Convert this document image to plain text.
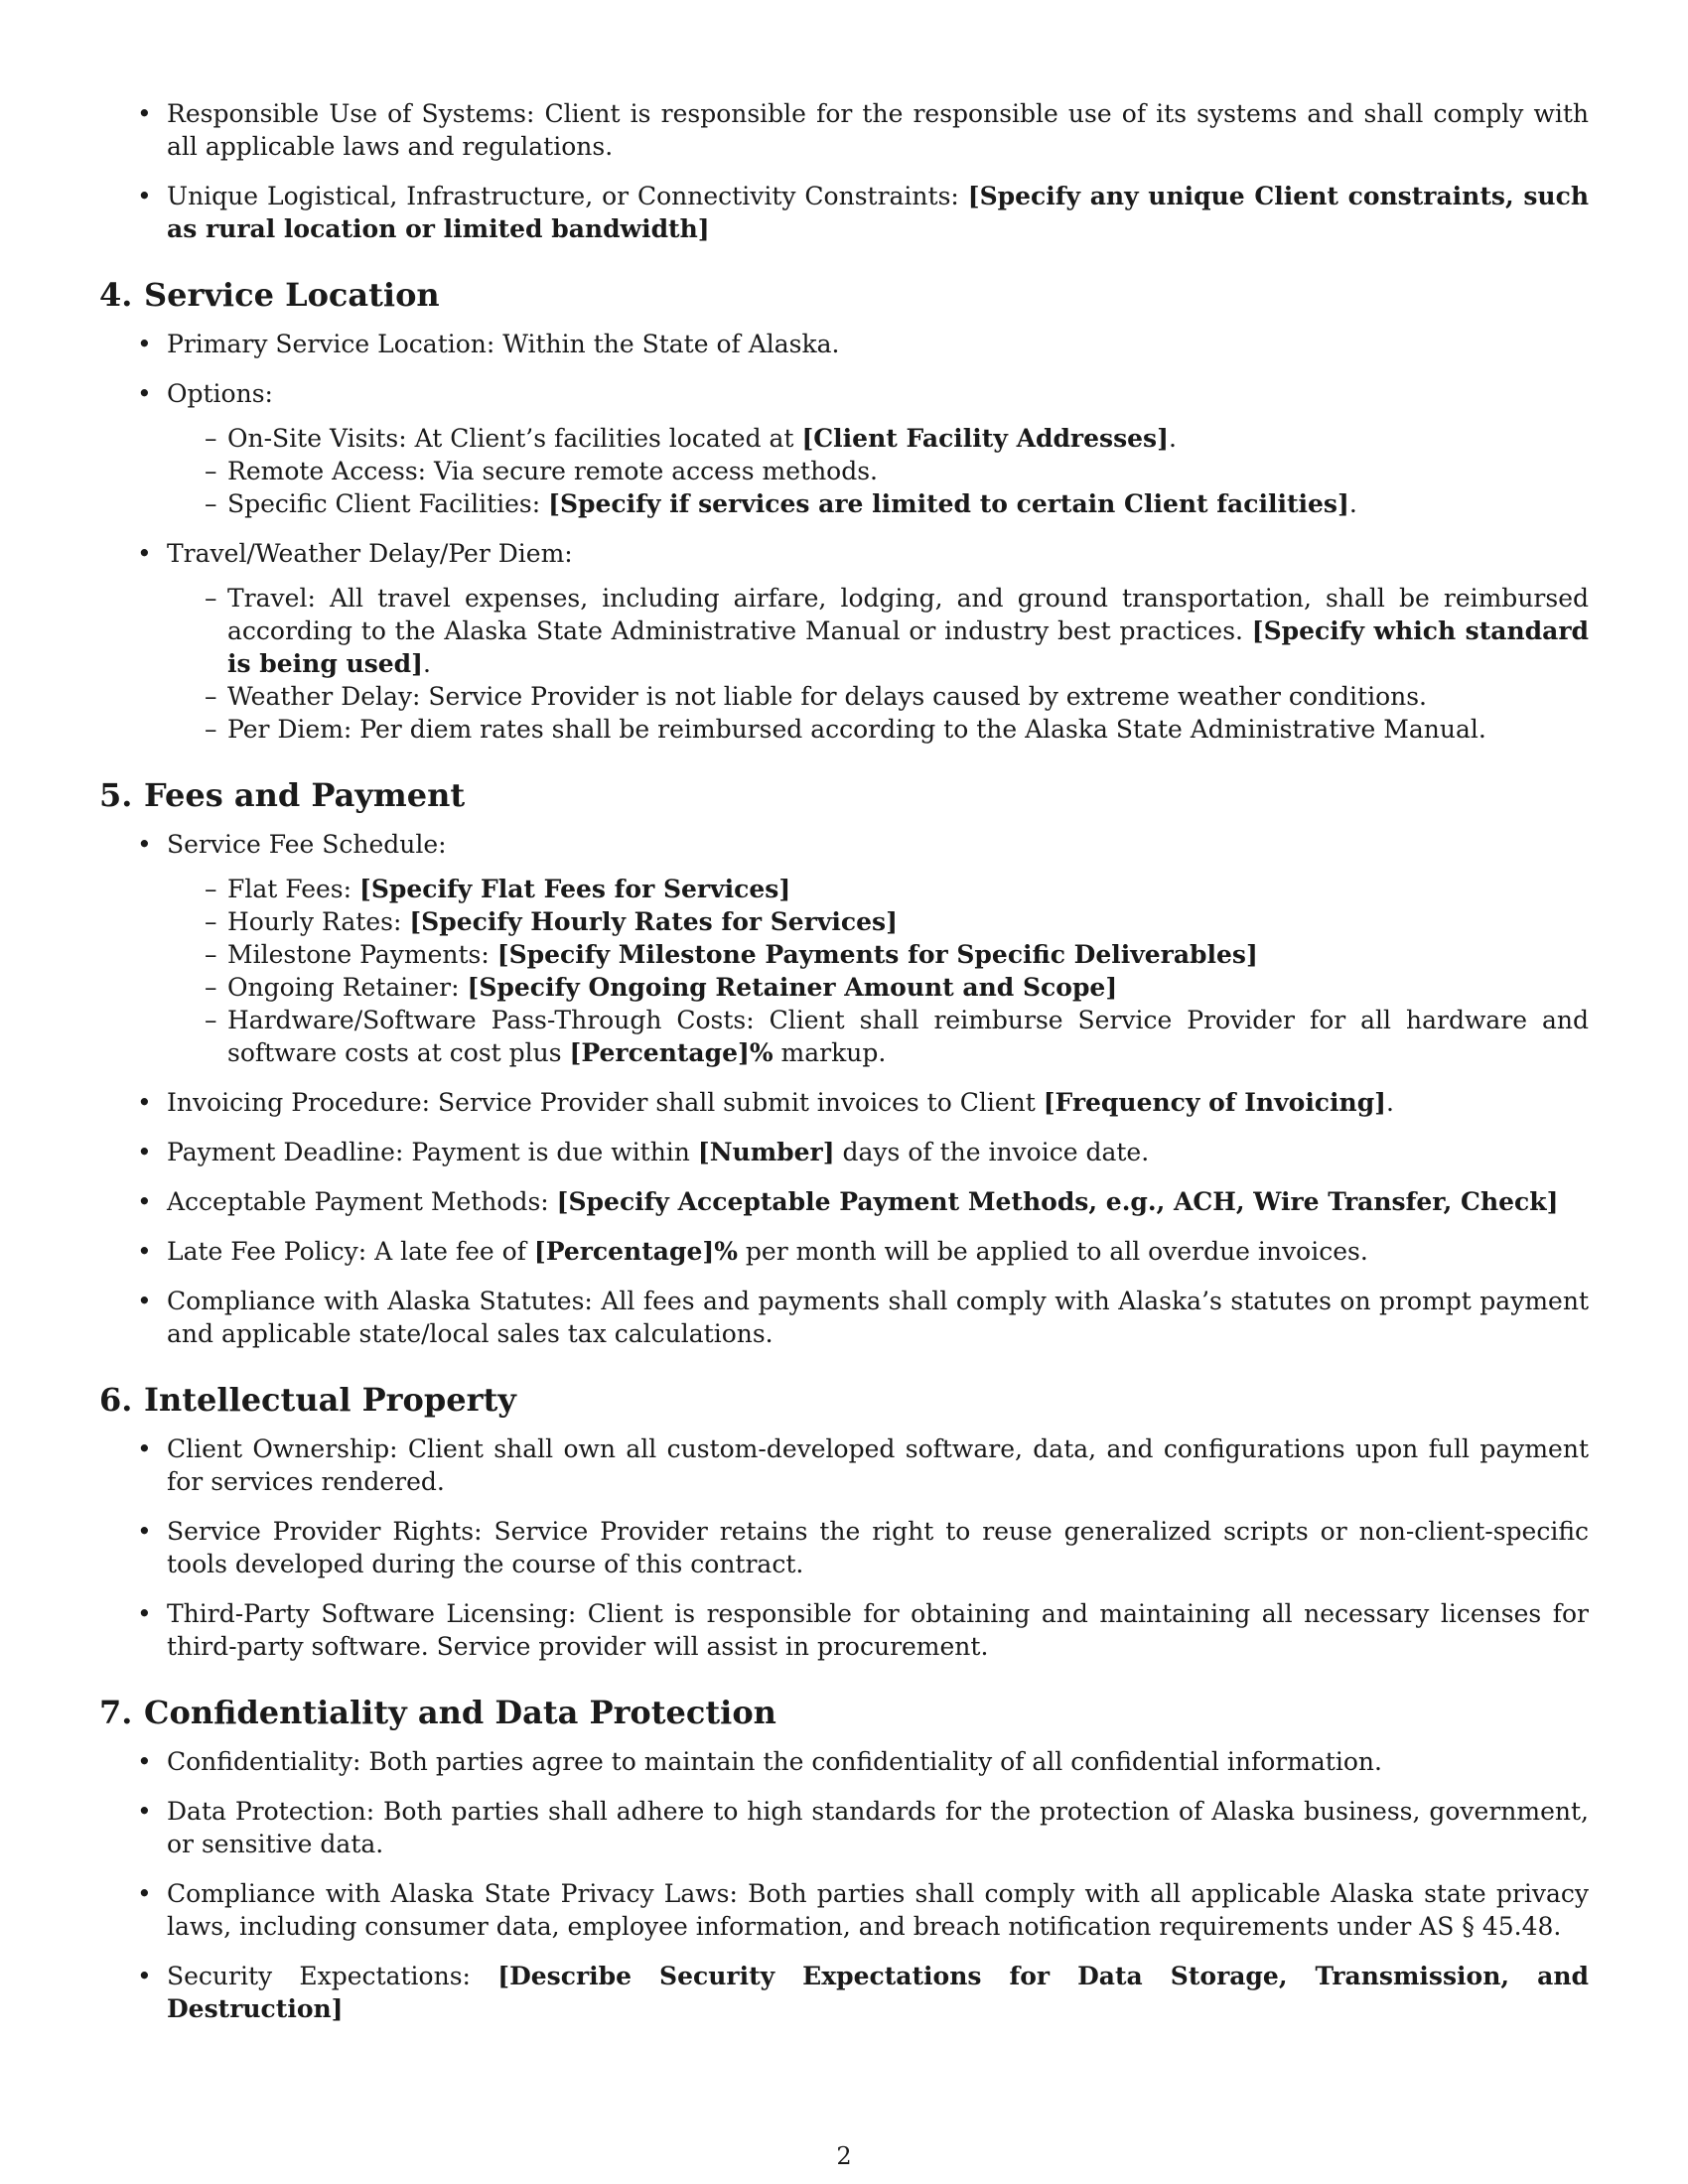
• Responsible Use of Systems: Client is responsible for the responsible use of its systems and shall comply with all applicable laws and regulations.
• Unique Logistical, Infrastructure, or Connectivity Constraints: [Specify any unique Client constraints, such as rural location or limited bandwidth]
4. Service Location
• Primary Service Location: Within the State of Alaska.
• Options:
– On-Site Visits: At Client’s facilities located at [Client Facility Addresses].
– Remote Access: Via secure remote access methods.
– Specific Client Facilities: [Specify if services are limited to certain Client facilities].
• Travel/Weather Delay/Per Diem:
– Travel: All travel expenses, including airfare, lodging, and ground transportation, shall be reimbursed according to the Alaska State Administrative Manual or industry best practices. [Specify which standard is being used].
– Weather Delay: Service Provider is not liable for delays caused by extreme weather conditions.
– Per Diem: Per diem rates shall be reimbursed according to the Alaska State Administrative Manual.
5. Fees and Payment
• Service Fee Schedule:
– Flat Fees: [Specify Flat Fees for Services]
– Hourly Rates: [Specify Hourly Rates for Services]
– Milestone Payments: [Specify Milestone Payments for Specific Deliverables]
– Ongoing Retainer: [Specify Ongoing Retainer Amount and Scope]
– Hardware/Software Pass-Through Costs: Client shall reimburse Service Provider for all hardware and software costs at cost plus [Percentage]% markup.
• Invoicing Procedure: Service Provider shall submit invoices to Client [Frequency of Invoicing].
• Payment Deadline: Payment is due within [Number] days of the invoice date.
• Acceptable Payment Methods: [Specify Acceptable Payment Methods, e.g., ACH, Wire Transfer, Check]
• Late Fee Policy: A late fee of [Percentage]% per month will be applied to all overdue invoices.
• Compliance with Alaska Statutes: All fees and payments shall comply with Alaska’s statutes on prompt payment and applicable state/local sales tax calculations.
6. Intellectual Property
• Client Ownership: Client shall own all custom-developed software, data, and configurations upon full payment for services rendered.
• Service Provider Rights: Service Provider retains the right to reuse generalized scripts or non-client-specific tools developed during the course of this contract.
• Third-Party Software Licensing: Client is responsible for obtaining and maintaining all necessary licenses for third-party software. Service provider will assist in procurement.
7. Confidentiality and Data Protection
• Confidentiality: Both parties agree to maintain the confidentiality of all confidential information.
• Data Protection: Both parties shall adhere to high standards for the protection of Alaska business, government, or sensitive data.
• Compliance with Alaska State Privacy Laws: Both parties shall comply with all applicable Alaska state privacy laws, including consumer data, employee information, and breach notification requirements under AS § 45.48.
• Security Expectations: [Describe Security Expectations for Data Storage, Transmission, and Destruction]
2
